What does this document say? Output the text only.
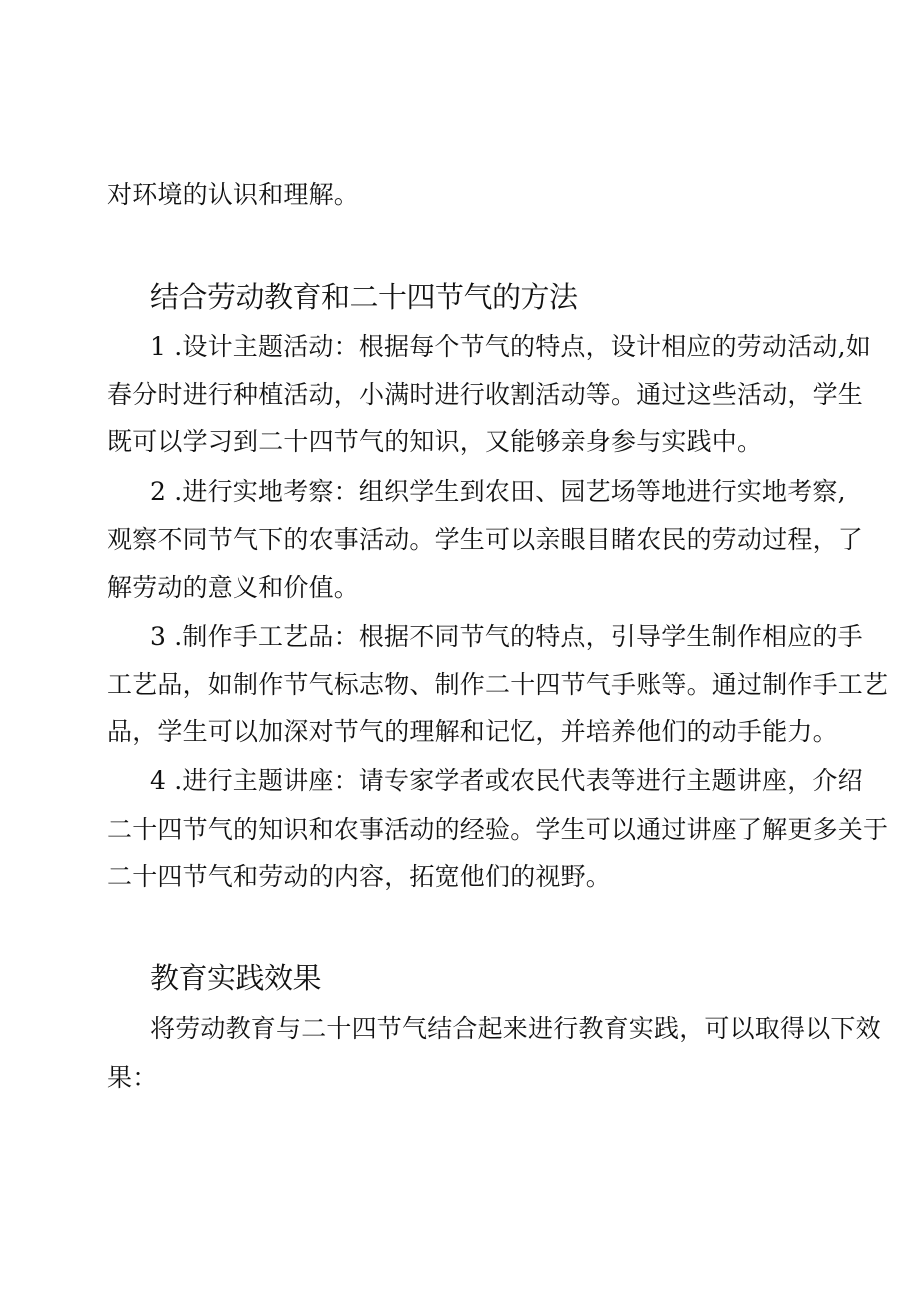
对环境的认识和理解。
结合劳动教育和二十四节气的方法
1 .设计主题活动：根据每个节气的特点，设计相应的劳动活动,如
春分时进行种植活动，小满时进行收割活动等。通过这些活动，学生
既可以学习到二十四节气的知识，又能够亲身参与实践中。
2 .进行实地考察：组织学生到农田、园艺场等地进行实地考察,
观察不同节气下的农事活动。学生可以亲眼目睹农民的劳动过程，了
解劳动的意义和价值。
3 .制作手工艺品：根据不同节气的特点，引导学生制作相应的手
工艺品，如制作节气标志物、制作二十四节气手账等。通过制作手工艺
品，学生可以加深对节气的理解和记忆，并培养他们的动手能力。
4 .进行主题讲座：请专家学者或农民代表等进行主题讲座，介绍
二十四节气的知识和农事活动的经验。学生可以通过讲座了解更多关于
二十四节气和劳动的内容，拓宽他们的视野。
教育实践效果
将劳动教育与二十四节气结合起来进行教育实践，可以取得以下效
果：
